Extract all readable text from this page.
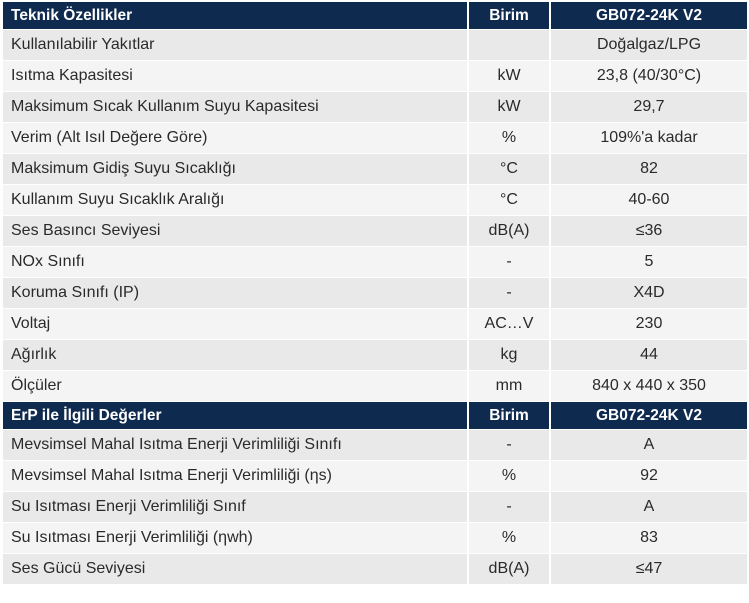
Teknik Özellikler	Birim	GB072-24K V2
Kullanılabilir Yakıtlar		Doğalgaz/LPG
Isıtma Kapasitesi	kW	23,8 (40/30°C)
Maksimum Sıcak Kullanım Suyu Kapasitesi	kW	29,7
Verim (Alt Isıl Değere Göre)	%	109%'a kadar
Maksimum Gidiş Suyu Sıcaklığı	°C	82
Kullanım Suyu Sıcaklık Aralığı	°C	40-60
Ses Basıncı Seviyesi	dB(A)	≤36
NOx Sınıfı	-	5
Koruma Sınıfı (IP)	-	X4D
Voltaj	AC…V	230
Ağırlık	kg	44
Ölçüler	mm	840 x 440 x 350
ErP ile İlgili Değerler	Birim	GB072-24K V2
Mevsimsel Mahal Isıtma Enerji Verimliliği Sınıfı	-	A
Mevsimsel Mahal Isıtma Enerji Verimliliği (ηs)	%	92
Su Isıtması Enerji Verimliliği Sınıf	-	A
Su Isıtması Enerji Verimliliği (ηwh)	%	83
Ses Gücü Seviyesi	dB(A)	≤47
